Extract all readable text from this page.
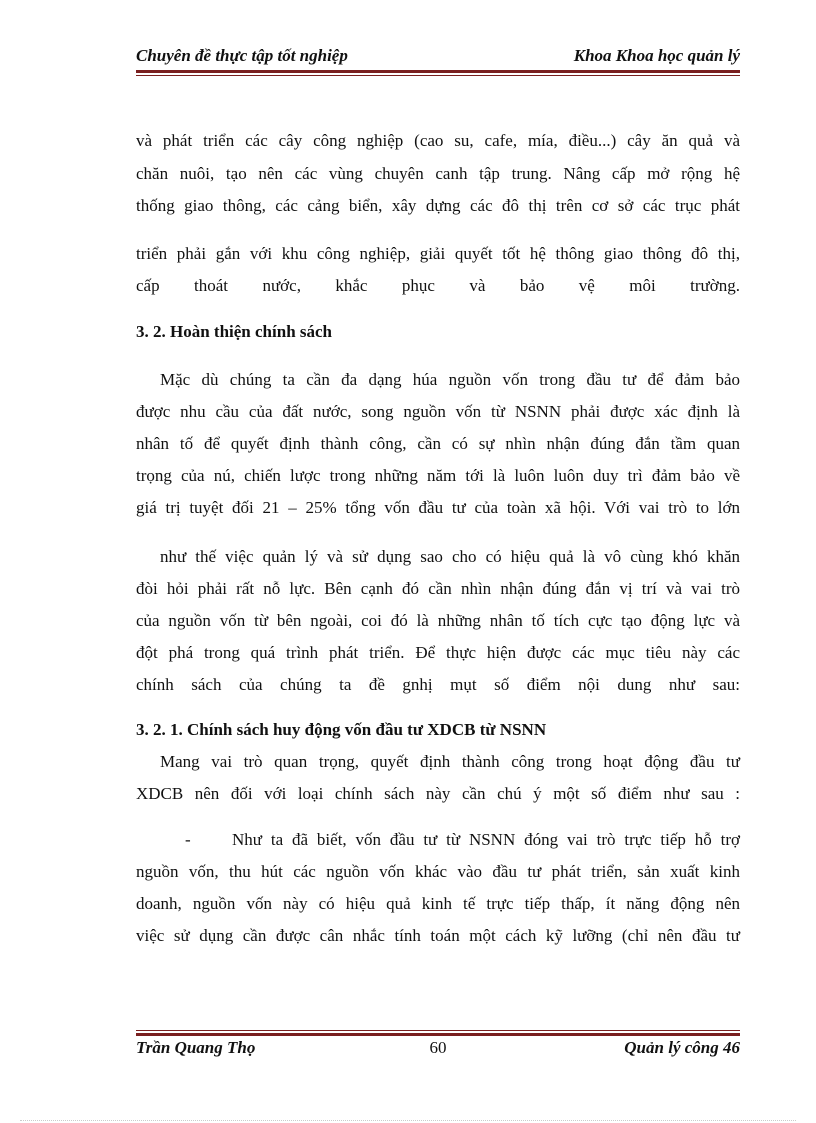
Chuyên đề thực tập tốt nghiệp	Khoa Khoa học quản lý
và phát triển các cây công nghiệp (cao su, cafe, mía, điều...) cây ăn quả và
chăn nuôi, tạo nên các vùng chuyên canh tập trung. Nâng cấp mở rộng hệ
thống giao thông, các cảng biển, xây dựng các đô thị trên cơ sở các trục phát
triển phải gắn với khu công nghiệp, giải quyết tốt hệ thông giao thông đô thị,
cấp thoát nước, khắc phục và bảo vệ môi trường.
3. 2. Hoàn thiện chính sách
Mặc dù chúng ta cần đa dạng húa nguồn vốn trong đầu tư để đảm bảo
được nhu cầu của đất nước, song nguồn vốn từ NSNN phải được xác định là
nhân tố để quyết định thành công, cần có sự nhìn nhận đúng đắn tầm quan
trọng của nú, chiến lược trong những năm tới là luôn luôn duy trì đảm bảo về
giá trị tuyệt đối 21 – 25% tổng vốn đầu tư của toàn xã hội. Với vai trò to lớn
như thế việc quản lý và sử dụng sao cho có hiệu quả là vô cùng khó khăn
đòi hỏi phải rất nỗ lực. Bên cạnh đó cần nhìn nhận đúng đắn vị trí và vai trò
của nguồn vốn từ bên ngoài, coi đó là những nhân tố tích cực tạo động lực và
đột phá trong quá trình phát triển. Để thực hiện được các mục tiêu này các
chính sách của chúng ta đề gnhị mụt số điểm nội dung như sau:
3. 2. 1. Chính sách huy động vốn đầu tư XDCB từ NSNN
Mang vai trò quan trọng, quyết định thành công trong hoạt động đầu tư
XDCB nên đối với loại chính sách này cần chú ý một số điểm như sau :
-	Như ta đã biết, vốn đầu tư từ NSNN đóng vai trò trực tiếp hỗ trợ
nguồn vốn, thu hút các nguồn vốn khác vào đầu tư phát triển, sản xuất kinh
doanh, nguồn vốn này có hiệu quả kinh tế trực tiếp thấp, ít năng động nên
việc sử dụng cần được cân nhắc tính toán một cách kỹ lưỡng (chỉ nên đầu tư
Trần Quang Thọ	60	Quản lý công 46
